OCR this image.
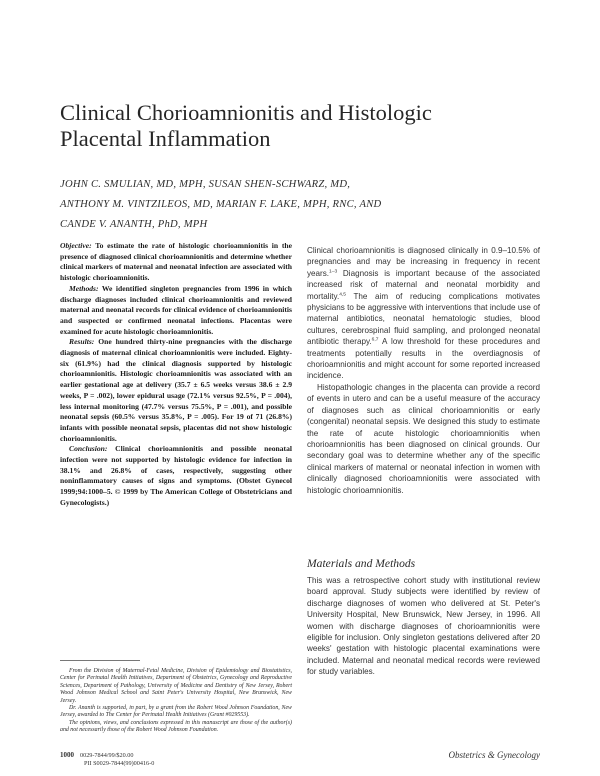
Clinical Chorioamnionitis and Histologic
Placental Inflammation
JOHN C. SMULIAN, MD, MPH, SUSAN SHEN-SCHWARZ, MD,
ANTHONY M. VINTZILEOS, MD, MARIAN F. LAKE, MPH, RNC, AND
CANDE V. ANANTH, PhD, MPH

Objective: To estimate the rate of histologic chorioamnionitis in the presence of diagnosed clinical chorioamnionitis and determine whether clinical markers of maternal and neonatal infection are associated with histologic chorioamnionitis.

Methods: We identified singleton pregnancies from 1996 in which discharge diagnoses included clinical chorioamnionitis and reviewed maternal and neonatal records for clinical evidence of chorioamnionitis and suspected or confirmed neonatal infections. Placentas were examined for acute histologic chorioamnionitis.

Results: One hundred thirty-nine pregnancies with the discharge diagnosis of maternal clinical chorioamnionitis were included. Eighty-six (61.9%) had the clinical diagnosis supported by histologic chorioamnionitis. Histologic chorioamnionitis was associated with an earlier gestational age at delivery (35.7 ± 6.5 weeks versus 38.6 ± 2.9 weeks, P = .002), lower epidural usage (72.1% versus 92.5%, P = .004), less internal monitoring (47.7% versus 75.5%, P = .001), and possible neonatal sepsis (60.5% versus 35.8%, P = .005). For 19 of 71 (26.8%) infants with possible neonatal sepsis, placentas did not show histologic chorioamnionitis.

Conclusion: Clinical chorioamnionitis and possible neonatal infection were not supported by histologic evidence for infection in 38.1% and 26.8% of cases, respectively, suggesting other noninflammatory causes of signs and symptoms. (Obstet Gynecol 1999;94:1000–5. © 1999 by The American College of Obstetricians and Gynecologists.)

From the Division of Maternal-Fetal Medicine, Division of Epidemiology and Biostatistics, Center for Perinatal Health Initiatives, Department of Obstetrics, Gynecology and Reproductive Sciences, Department of Pathology, University of Medicine and Dentistry of New Jersey, Robert Wood Johnson Medical School and Saint Peter's University Hospital, New Brunswick, New Jersey.

Dr. Ananth is supported, in part, by a grant from the Robert Wood Johnson Foundation, New Jersey, awarded to The Center for Perinatal Health Initiatives (Grant #029553).

The opinions, views, and conclusions expressed in this manuscript are those of the author(s) and not necessarily those of the Robert Wood Johnson Foundation.

Clinical chorioamnionitis is diagnosed clinically in 0.9–10.5% of pregnancies and may be increasing in frequency in recent years.$^{1-3}$ Diagnosis is important because of the associated increased risk of maternal and neonatal morbidity and mortality.$^{4,5}$ The aim of reducing complications motivates physicians to be aggressive with interventions that include use of maternal antibiotics, neonatal hematologic studies, blood cultures, cerebrospinal fluid sampling, and prolonged neonatal antibiotic therapy.$^{6,7}$ A low threshold for these procedures and treatments potentially results in the overdiagnosis of chorioamnionitis and might account for some reported increased incidence.

Histopathologic changes in the placenta can provide a record of events in utero and can be a useful measure of the accuracy of diagnoses such as clinical chorioamnionitis or early (congenital) neonatal sepsis. We designed this study to estimate the rate of acute histologic chorioamnionitis when chorioamnionitis has been diagnosed on clinical grounds. Our secondary goal was to determine whether any of the specific clinical markers of maternal or neonatal infection in women with clinically diagnosed chorioamnionitis were associated with histologic chorioamnionitis.

Materials and Methods

This was a retrospective cohort study with institutional review board approval. Study subjects were identified by review of discharge diagnoses of women who delivered at St. Peter's University Hospital, New Brunswick, New Jersey, in 1996. All women with discharge diagnoses of chorioamnionitis were eligible for inclusion. Only singleton gestations delivered after 20 weeks' gestation with histologic placental examinations were included. Maternal and neonatal medical records were reviewed for study variables.

1000 0029-7844/99/$20.00
PII S0029-7844(99)00416-0
Obstetrics & Gynecology
